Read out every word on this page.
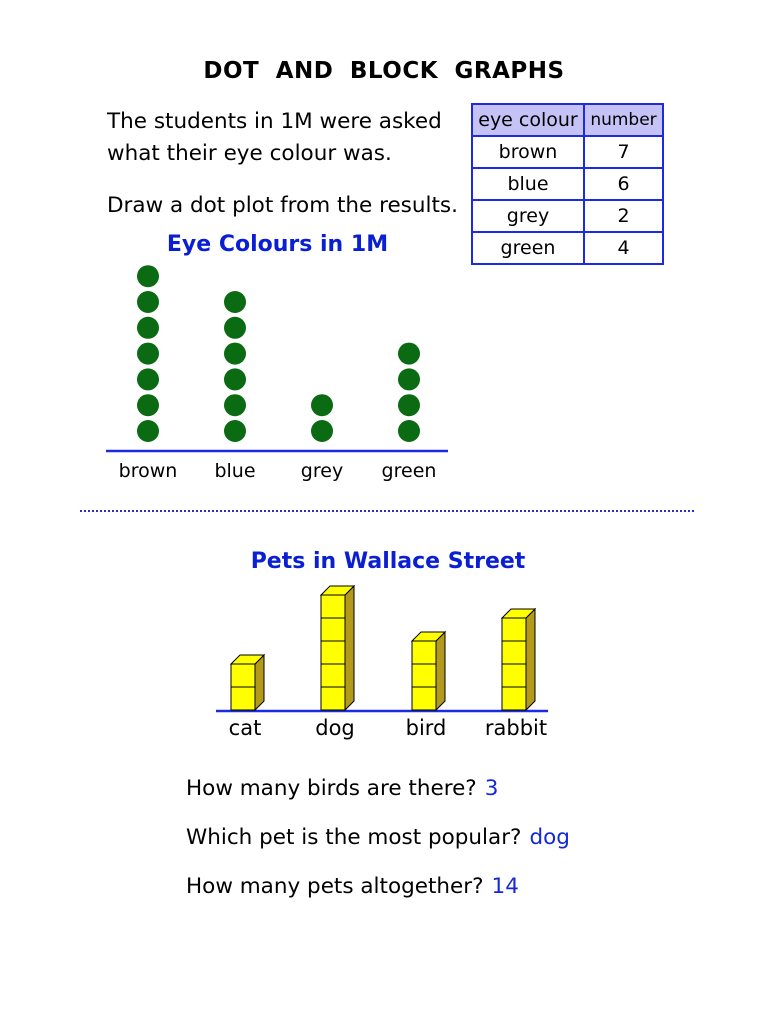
DOT AND BLOCK GRAPHS

The students in 1M were asked

what their eye colour was.

Draw a dot plot from the results.

eye colour	number
brown	7
blue	6
grey	2
green	4
Eye Colours in 1M
brown blue grey green
Pets in Wallace Street
cat	dog bird rabbit
How many birds are there? 3
Which pet is the most popular? dog
How many pets altogether? 14
